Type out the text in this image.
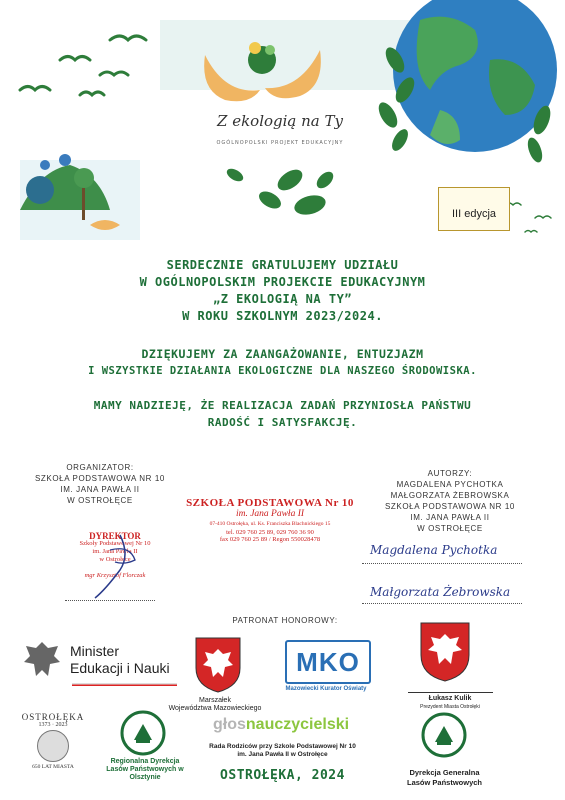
Z ekologią na Ty
OGÓLNOPOLSKI PROJEKT EDUKACYJNY
III edycja
SERDECZNIE GRATULUJEMY UDZIAŁU
W OGÓLNOPOLSKIM PROJEKCIE EDUKACYJNYM
„Z EKOLOGIĄ NA TY”
W ROKU SZKOLNYM 2023/2024.
DZIĘKUJEMY ZA ZAANGAŻOWANIE, ENTUZJAZM
I WSZYSTKIE DZIAŁANIA EKOLOGICZNE DLA NASZEGO ŚRODOWISKA.
MAMY NADZIEJĘ, ŻE REALIZACJA ZADAŃ PRZYNIOSŁA PAŃSTWU
RADOŚĆ I SATYSFAKCJĘ.
ORGANIZATOR:
SZKOŁA PODSTAWOWA NR 10
IM. JANA PAWŁA II
W OSTROŁĘCE	SZKOŁA PODSTAWOWA Nr 10
im. Jana Pawła II
07-410 Ostrołęka, ul. Ks. Franciszka Blachnickiego 15
tel. 029 760 25 89, 029 760 36 90
fax 029 760 25 89 / Regon 550028478
DYREKTOR
Szkoły Podstawowej Nr 10
im. Jana Pawła II
w Ostrołęce
mgr Krzysztof Florczak
AUTORZY:
MAGDALENA PYCHOTKA
MAŁGORZATA ŻEBROWSKA
SZKOŁA PODSTAWOWA NR 10
IM. JANA PAWŁA II
W OSTROŁĘCE
Magdalena Pychotka
Małgorzata Żebrowska
PATRONAT HONOROWY:
Minister
Edukacji i Nauki
Marszałek
Województwa Mazowieckiego
MKO
Mazowiecki Kurator Oświaty
Łukasz Kulik
Prezydent Miasta Ostrołęki
OSTROŁĘKA
1373 · 2023
650 LAT MIASTA
Regionalna Dyrekcja
Lasów Państwowych w Olsztynie
głosnauczycielski
Rada Rodziców przy Szkole Podstawowej Nr 10
im. Jana Pawła II w Ostrołęce
OSTROŁĘKA, 2024	Dyrekcja Generalna
Lasów Państwowych
